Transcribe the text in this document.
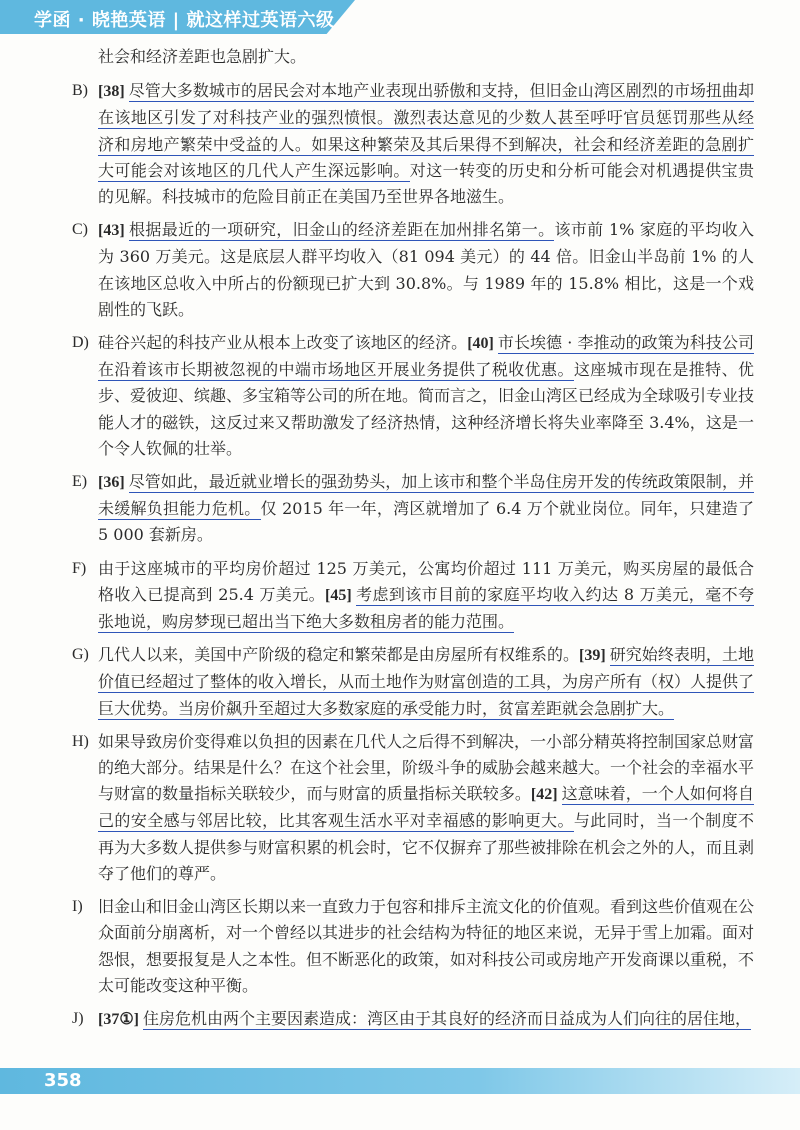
学函 · 晓艳英语 | 就这样过英语六级
社会和经济差距也急剧扩大。
B) [38] 尽管大多数城市的居民会对本地产业表现出骄傲和支持，但旧金山湾区剧烈的市场扭曲却在该地区引发了对科技产业的强烈愤恨。激烈表达意见的少数人甚至呼吁官员惩罚那些从经济和房地产繁荣中受益的人。如果这种繁荣及其后果得不到解决，社会和经济差距的急剧扩大可能会对该地区的几代人产生深远影响。对这一转变的历史和分析可能会对机遇提供宝贵的见解。科技城市的危险目前正在美国乃至世界各地滋生。
C) [43] 根据最近的一项研究，旧金山的经济差距在加州排名第一。该市前 1% 家庭的平均收入为 360 万美元。这是底层人群平均收入（81 094 美元）的 44 倍。旧金山半岛前 1% 的人在该地区总收入中所占的份额现已扩大到 30.8%。与 1989 年的 15.8% 相比，这是一个戏剧性的飞跃。
D) 硅谷兴起的科技产业从根本上改变了该地区的经济。[40] 市长埃德 · 李推动的政策为科技公司在沿着该市长期被忽视的中端市场地区开展业务提供了税收优惠。这座城市现在是推特、优步、爱彼迎、缤趣、多宝箱等公司的所在地。简而言之，旧金山湾区已经成为全球吸引专业技能人才的磁铁，这反过来又帮助激发了经济热情，这种经济增长将失业率降至 3.4%，这是一个令人钦佩的壮举。
E) [36] 尽管如此，最近就业增长的强劲势头，加上该市和整个半岛住房开发的传统政策限制，并未缓解负担能力危机。仅 2015 年一年，湾区就增加了 6.4 万个就业岗位。同年，只建造了 5 000 套新房。
F) 由于这座城市的平均房价超过 125 万美元，公寓均价超过 111 万美元，购买房屋的最低合格收入已提高到 25.4 万美元。[45] 考虑到该市目前的家庭平均收入约达 8 万美元，毫不夸张地说，购房梦现已超出当下绝大多数租房者的能力范围。
G) 几代人以来，美国中产阶级的稳定和繁荣都是由房屋所有权维系的。[39] 研究始终表明，土地价值已经超过了整体的收入增长，从而土地作为财富创造的工具，为房产所有（权）人提供了巨大优势。当房价飙升至超过大多数家庭的承受能力时，贫富差距就会急剧扩大。
H) 如果导致房价变得难以负担的因素在几代人之后得不到解决，一小部分精英将控制国家总财富的绝大部分。结果是什么？在这个社会里，阶级斗争的威胁会越来越大。一个社会的幸福水平与财富的数量指标关联较少，而与财富的质量指标关联较多。[42] 这意味着，一个人如何将自己的安全感与邻居比较，比其客观生活水平对幸福感的影响更大。与此同时，当一个制度不再为大多数人提供参与财富积累的机会时，它不仅摒弃了那些被排除在机会之外的人，而且剥夺了他们的尊严。
I) 旧金山和旧金山湾区长期以来一直致力于包容和排斥主流文化的价值观。看到这些价值观在公众面前分崩离析，对一个曾经以其进步的社会结构为特征的地区来说，无异于雪上加霜。面对怨恨，想要报复是人之本性。但不断恶化的政策，如对科技公司或房地产开发商课以重税，不太可能改变这种平衡。
J) [37①] 住房危机由两个主要因素造成：湾区由于其良好的经济而日益成为人们向往的居住地，
358
